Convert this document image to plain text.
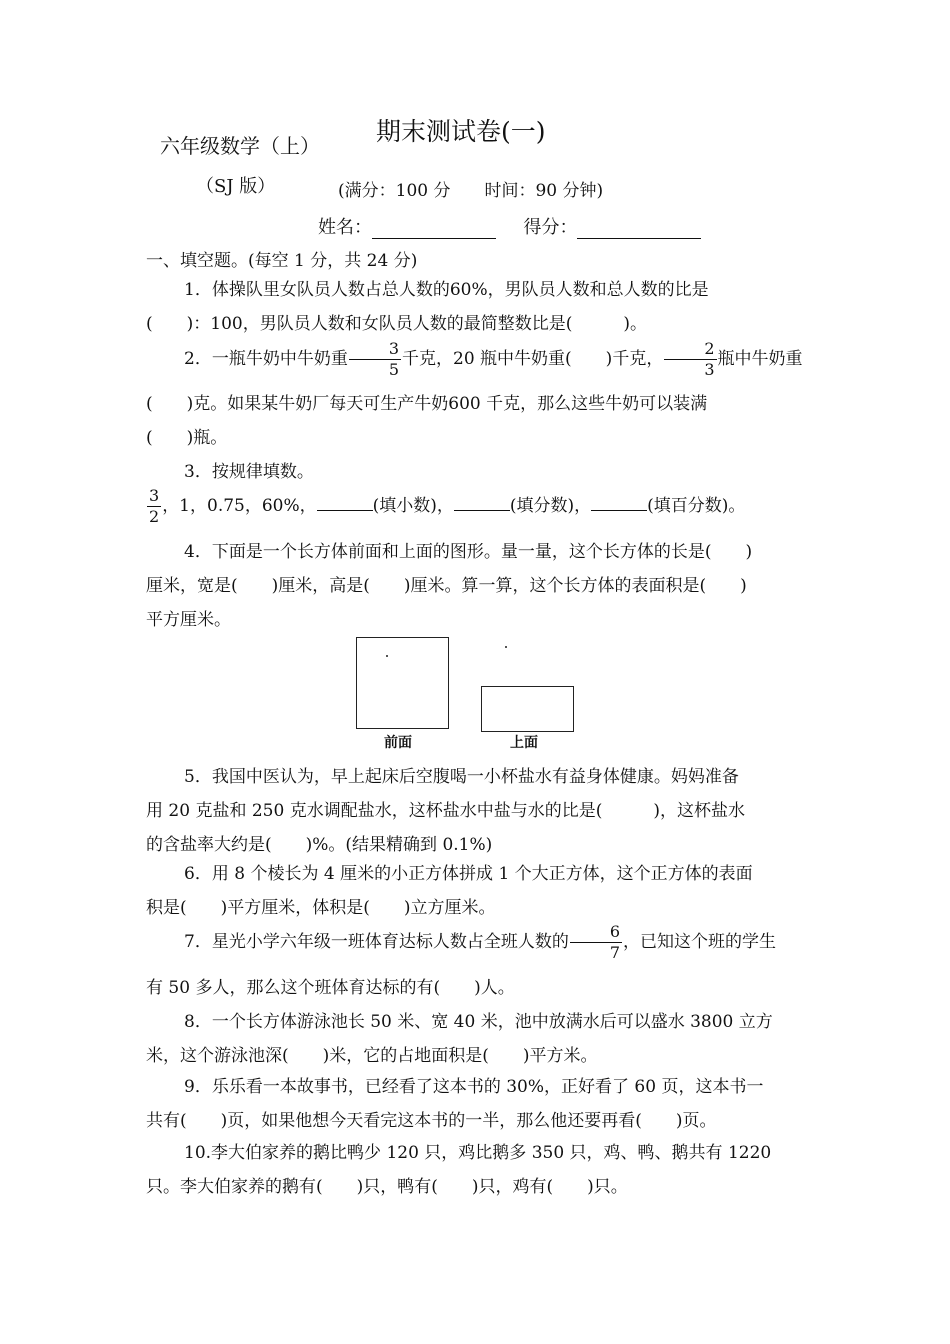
期末测试卷(一)
六年级数学（上）
（SJ 版）	(满分：100 分　　时间：90 分钟)
姓名：	得分：
一、填空题。(每空 1 分，共 24 分)

1．体操队里女队员人数占总人数的60%，男队员人数和总人数的比是

(　　)：100，男队员人数和女队员人数的最简整数比是(　　　)。

2．一瓶牛奶中牛奶重 $\frac{3}{5}$ 千克，20 瓶中牛奶重(　　)千克， $\frac{2}{3}$ 瓶中牛奶重

(　　)克。如果某牛奶厂每天可生产牛奶600 千克，那么这些牛奶可以装满

(　　)瓶。

3．按规律填数。

$\frac{3}{2}$ ，1，0.75，60%，	(填小数)，	(填分数)，	(填百分数)。

4．下面是一个长方体前面和上面的图形。量一量，这个长方体的长是(　　)

厘米，宽是(　　)厘米，高是(　　)厘米。算一算，这个长方体的表面积是(　　)

平方厘米。

前面	上面

5．我国中医认为，早上起床后空腹喝一小杯盐水有益身体健康。妈妈准备

用 20 克盐和 250 克水调配盐水，这杯盐水中盐与水的比是(　　　)，这杯盐水

的含盐率大约是(　　)%。(结果精确到 0.1%)

6．用 8 个棱长为 4 厘米的小正方体拼成 1 个大正方体，这个正方体的表面

积是(　　)平方厘米，体积是(　　)立方厘米。

7．星光小学六年级一班体育达标人数占全班人数的 $\frac{6}{7}$ ，已知这个班的学生

有 50 多人，那么这个班体育达标的有(　　)人。

8．一个长方体游泳池长 50 米、宽 40 米，池中放满水后可以盛水 3800 立方

米，这个游泳池深(　　)米，它的占地面积是(　　)平方米。

9．乐乐看一本故事书，已经看了这本书的 30%，正好看了 60 页，这本书一

共有(　　)页，如果他想今天看完这本书的一半，那么他还要再看(　　)页。

10.李大伯家养的鹅比鸭少 120 只，鸡比鹅多 350 只，鸡、鸭、鹅共有 1220

只。李大伯家养的鹅有(　　)只，鸭有(　　)只，鸡有(　　)只。
